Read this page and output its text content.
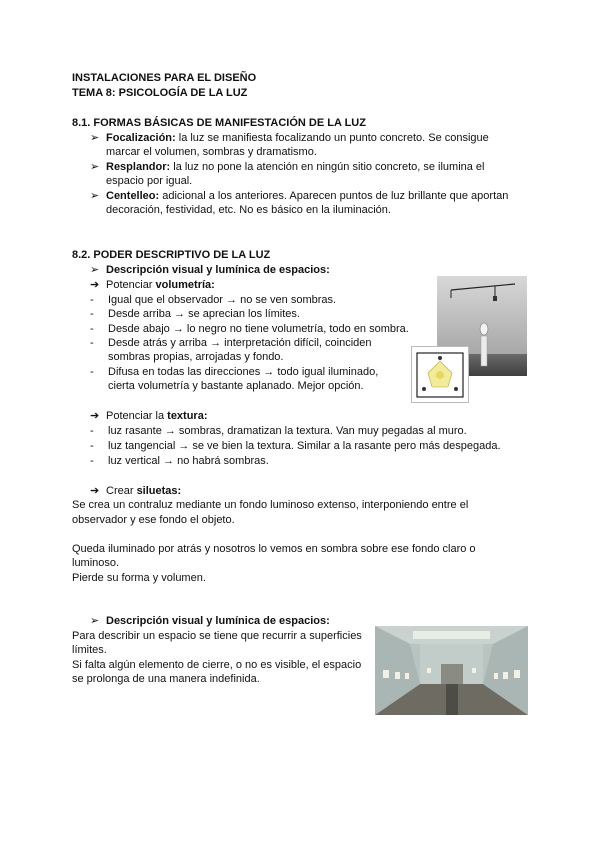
INSTALACIONES PARA EL DISEÑO
TEMA 8: PSICOLOGÍA DE LA LUZ
8.1. FORMAS BÁSICAS DE MANIFESTACIÓN DE LA LUZ
➢ Focalización: la luz se manifiesta focalizando un punto concreto. Se consigue
marcar el volumen, sombras y dramatismo.
➢ Resplandor: la luz no pone la atención en ningún sitio concreto, se ilumina el
espacio por igual.
➢ Centelleo: adicional a los anteriores. Aparecen puntos de luz brillante que aportan
decoración, festividad, etc. No es básico en la iluminación.
8.2. PODER DESCRIPTIVO DE LA LUZ
➢ Descripción visual y lumínica de espacios:
➔ Potenciar volumetría:
- Igual que el observador → no se ven sombras.
- Desde arriba → se aprecian los límites.
- Desde abajo → lo negro no tiene volumetría, todo en sombra.
- Desde atrás y arriba → interpretación difícil, coinciden
sombras propias, arrojadas y fondo.
- Difusa en todas las direcciones → todo igual iluminado,
cierta volumetría y bastante aplanado. Mejor opción.
➔ Potenciar la textura:
- luz rasante → sombras, dramatizan la textura. Van muy pegadas al muro.
- luz tangencial → se ve bien la textura. Similar a la rasante pero más despegada.
- luz vertical → no habrá sombras.
➔ Crear siluetas:
Se crea un contraluz mediante un fondo luminoso extenso, interponiendo entre el
observador y ese fondo el objeto.
Queda iluminado por atrás y nosotros lo vemos en sombra sobre ese fondo claro o
luminoso.
Pierde su forma y volumen.
➢ Descripción visual y lumínica de espacios:
Para describir un espacio se tiene que recurrir a superficies
límites.
Si falta algún elemento de cierre, o no es visible, el espacio
se prolonga de una manera indefinida.
